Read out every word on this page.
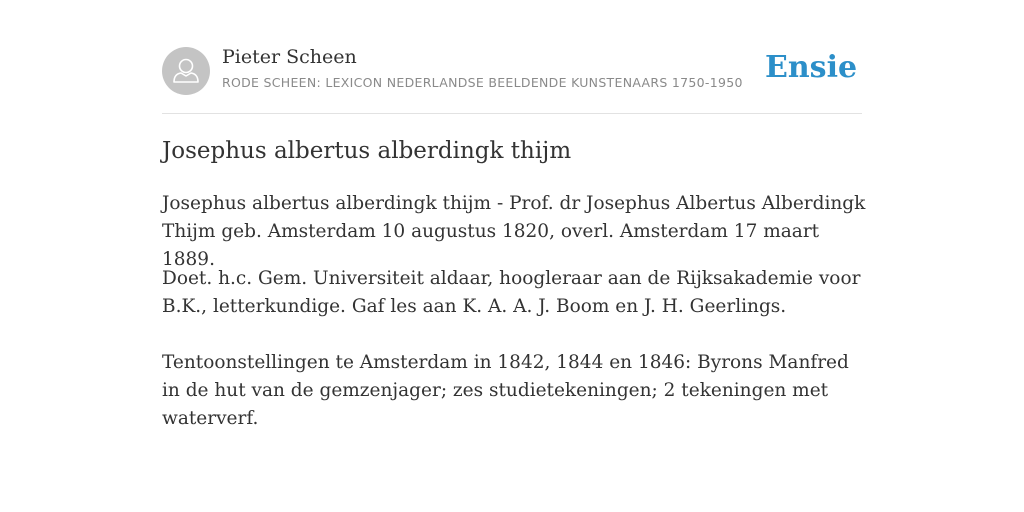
Pieter Scheen
RODE SCHEEN: LEXICON NEDERLANDSE BEELDENDE KUNSTENAARS 1750-1950 Ensie
Josephus albertus alberdingk thijm

Josephus albertus alberdingk thijm - Prof. dr Josephus Albertus Alberdingk Thijm geb. Amsterdam 10 augustus 1820, overl. Amsterdam 17 maart 1889.

Doet. h.c. Gem. Universiteit aldaar, hoogleraar aan de Rijksakademie voor B.K., letterkundige. Gaf les aan K. A. A. J. Boom en J. H. Geerlings.

Tentoonstellingen te Amsterdam in 1842, 1844 en 1846: Byrons Manfred in de hut van de gemzenjager; zes studietekeningen; 2 tekeningen met waterverf.
